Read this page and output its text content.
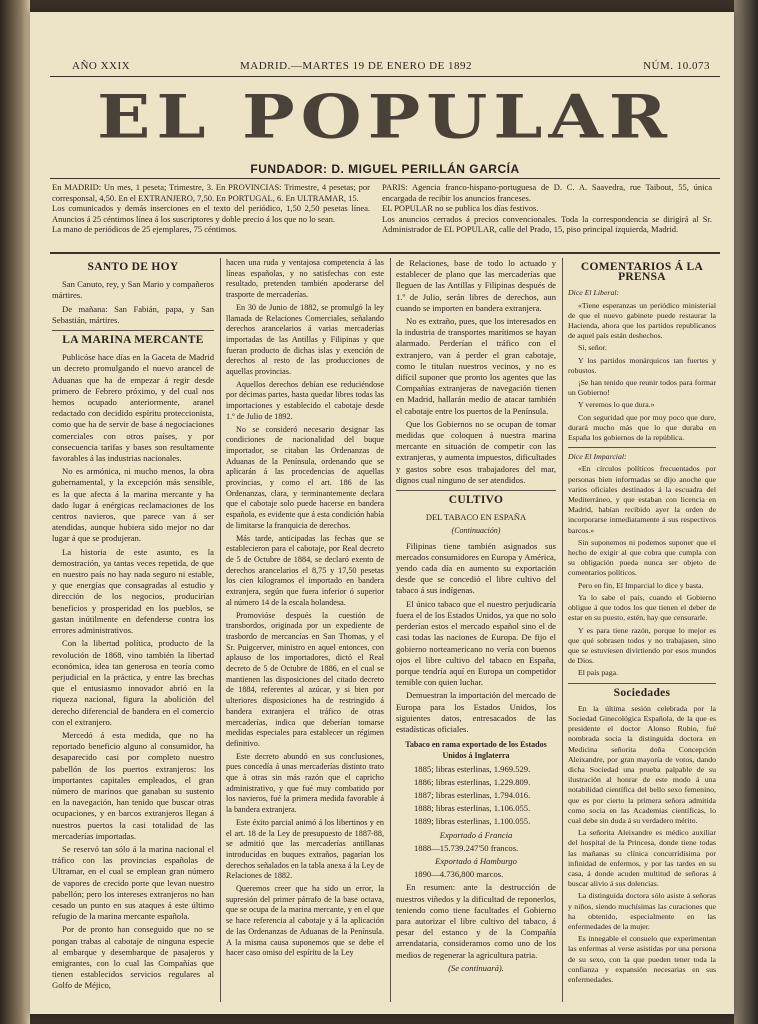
AÑO XXIX	MADRID.—MARTES 19 DE ENERO DE 1892	NÚM. 10.073
EL POPULAR
FUNDADOR: D. MIGUEL PERILLÁN GARCÍA

En MADRID: Un mes, 1 peseta; Trimestre, 3. En PROVINCIAS: Trimestre, 4 pesetas; por corresponsal, 4,50. En el EXTRANJERO, 7,50. En PORTUGAL, 6. En ULTRAMAR, 15.

Los comunicados y demás inserciones en el texto del periódico, 1,50 2,50 pesetas línea. Anuncios á 25 céntimos línea á los suscriptores y doble precio á los que no lo sean.

La mano de periódicos de 25 ejemplares, 75 céntimos.

PARIS: Agencia franco-hispano-portuguesa de D. C. A. Saavedra, rue Taibout, 55, única encargada de recibir los anuncios franceses.

EL POPULAR no se publica los días festivos.

Los anuncios cerrados á precios convencionales. Toda la correspondencia se dirigirá al Sr. Administrador de EL POPULAR, calle del Prado, 15, piso principal izquierda, Madrid.

SANTO DE HOY

San Canuto, rey, y San Mario y compañeros mártires.

De mañana: San Fabián, papa, y San Sebastián, mártires.

LA MARINA MERCANTE

Publicóse hace días en la Gaceta de Madrid un decreto promulgando el nuevo arancel de Aduanas que ha de empezar á regir desde primero de Febrero próximo, y del cual nos hemos ocupado anteriormente, aranel redactado con decidido espíritu proteccionista, como que ha de servir de base á negociaciones comerciales con otros países, y por consecuencia tarifas y bases son resultamente favorables á las industrias nacionales.

No es armónica, ni mucho menos, la obra gubernamental, y la excepción más sensible, es la que afecta á la marina mercante y ha dado lugar á enérgicas reclamaciones de los centros navieros, que parece van á ser atendidas, aunque hubiera sido mejor no dar lugar á que se produjeran.

La historia de este asunto, es la demostración, ya tantas veces repetida, de que en nuestro país no hay nada seguro ni estable, y que energías que consagradas al estudio y dirección de los negocios, producirían beneficios y prosperidad en los pueblos, se gastan inútilmente en defenderse contra los errores administrativos.

Con la libertad política, producto de la revolución de 1868, vino también la libertad económica, idea tan generosa en teoría como perjudicial en la práctica, y entre las brechas que el entusiasmo innovador abrió en la riqueza nacional, figura la abolición del derecho diferencial de bandera en el comercio con el extranjero.

Mercedó á esta medida, que no ha reportado beneficio alguno al consumidor, ha desaparecido casi por completo nuestro pabellón de los puertos extranjeros: los importantes capitales empleados, el gran número de marinos que ganaban su sustento en la navegación, han tenido que buscar otras ocupaciones, y en barcos extranjeros llegan á nuestros puertos la casi totalidad de las mercaderías importadas.

Se reservó tan sólo á la marina nacional el tráfico con las provincias españolas de Ultramar, en el cual se emplean gran número de vapores de crecido porte que levan nuestro pabellón; pero los intereses extranjeros no han cesado un punto en sus ataques á este último refugio de la marina mercante española.

Por de pronto han conseguido que no se pongan trabas al cabotaje de ninguna especie al embarque y desembarque de pasajeros y emigrantes, con lo cual las Compañías que tienen establecidos servicios regulares al Golfo de Méjico,

hacen una ruda y ventajosa competencia á las líneas españolas, y no satisfechas con este resultado, pretenden también apoderarse del trasporte de mercaderías.

En 30 de Junio de 1882, se promulgó la ley llamada de Relaciones Comerciales, señalando derechos arancelarios á varias mercaderías importadas de las Antillas y Filipinas y que fueran producto de dichas islas y exención de derechos al resto de las producciones de aquellas provincias.

Aquellos derechos debían ese reduciéndose por décimas partes, hasta quedar libres todas las importaciones y establecido el cabotaje desde 1.º de Julio de 1892.

No se consideró necesario designar las condiciones de nacionalidad del buque importador, se citaban las Ordenanzas de Aduanas de la Península, ordenando que se aplicarán á las procedencias de aquellas provincias, y como el art. 186 de las Ordenanzas, clara, y terminantemente declara que el cabotaje solo puede hacerse en bandera española, es evidente que á esta condición había de limitarse la franquicia de derechos.

Más tarde, anticipadas las fechas que se establecieron para el cabotaje, por Real decreto de 5 de Octubre de 1884, se declaró exento de derechos arancelarios el 8,75 y 17,50 pesetas los cien kilogramos el importado en bandera extranjera, según que fuera inferior ó superior al número 14 de la escala holandesa.

Promovióse después la cuestión de transbordos, originada por un expediente de trasbordo de mercancías en San Thomas, y el Sr. Puigcerver, ministro en aquel entonces, con aplauso de los importadores, dictó el Real decreto de 5 de Octubre de 1886, en el cual se mantienen las disposiciones del citado decreto de 1884, referentes al azúcar, y si bien por ulteriores disposiciones ha de restringido á bandera extranjera el tráfico de otras mercaderías, indica que deberían tomarse medidas especiales para establecer un régimen definitivo.

Este decreto abundó en sus conclusiones, pues concedía á unas mercaderías distinto trato que á otras sin más razón que el capricho administrativo, y que fué muy combatido por los navieros, fué la primera medida favorable á la bandera extranjera.

Este éxito parcial animó á los libertinos y en el art. 18 de la Ley de presupuesto de 1887-88, se admitió que las mercaderías antillanas introducidas en buques extraños, pagarían los derechos señalados en la tabla anexa á la Ley de Relaciones de 1882.

Queremos creer que ha sido un error, la supresión del primer párrafo de la base octava, que se ocupa de la marina mercante, y en el que se hace referencia al cabotaje y á la aplicación de las Ordenanzas de Aduanas de la Península. A la misma causa suponemos que se debe el hacer caso omiso del espíritu de la Ley

de Relaciones, base de todo lo actuado y establecer de plano que las mercaderías que lleguen de las Antillas y Filipinas después de 1.º de Julio, serán libres de derechos, aun cuando se importen en bandera extranjera.

No es extraño, pues, que los interesados en la industria de transportes marítimos se hayan alarmado. Perderían el tráfico con el extranjero, van á perder el gran cabotaje, como le titulan nuestros vecinos, y no es difícil suponer que pronto los agentes que las Compañías extranjeras de navegación tienen en Madrid, hallarán medio de atacar también el cabotaje entre los puertos de la Península.

Que los Gobiernos no se ocupan de tomar medidas que coloquen á nuestra marina mercante en situación de competir con las extranjeras, y aumenta impuestos, dificultades y gastos sobre esos trabajadores del mar, dignos cual ninguno de ser atendidos.

CULTIVO

DEL TABACO EN ESPAÑA

(Continuación)

Filipinas tiene también asignados sus mercados consumidores en Europa y América, yendo cada día en aumento su exportación desde que se concedió el libre cultivo del tabaco á sus indígenas.

El único tabaco que el nuestro perjudicaría fuera el de los Estados Unidos, ya que no solo perderían estos el mercado español sino el de casi todas las naciones de Europa. De fijo el gobierno norteamericano no vería con buenos ojos el libre cultivo del tabaco en España, porque tendría aquí en Europa un competidor temible con quien luchar.

Demuestran la importación del mercado de Europa para los Estados Unidos, los siguientes datos, entresacados de las estadísticas oficiales.

Tabaco en rama exportado de los Estados Unidos á Inglaterra

1885; libras esterlinas, 1.969.529.

1886; libras esterlinas, 1.229.809.

1887; libras esterlinas, 1.794.016.

1888; libras esterlinas, 1.106.055.

1889; libras esterlinas, 1.100.055.

Exportado á Francia

1888—15.739.247'50 francos.

Exportado á Hamburgo

1890—4.736,800 marcos.

En resumen: ante la destrucción de nuestros viñedos y la dificultad de reponerlos, teniendo como tiene facultades el Gobierno para autorizar el libre cultivo del tabaco, á pesar del estanco y de la Compañía arrendataria, consideramos como uno de los medios de regenerar la agricultura patria.

(Se continuará).

COMENTARIOS Á LA PRENSA

Dice El Liberal:

«Tiene esperanzas un periódico ministerial de que el nuevo gabinete puede restaurar la Hacienda, ahora que los partidos republicanos de aquel país están deshechos.

Si, señor.

Y los partidos monárquicos tan fuertes y robustos.

¡Se han tenido que reunir todos para formar un Gobierno!

Y veremos lo que dura.»

Con seguridad que por muy poco que dure, durará mucho más que lo que duraba en España los gobiernos de la república.

Dice El Imparcial:

«En círculos políticos frecuentados por personas bien informadas se dijo anoche que varios oficiales destinados á la escuadra del Mediterráneo, y que estaban con licencia en Madrid, habían recibido ayer la orden de incorporarse inmediatamente á sus respectivos barcos.»

Sin suponemos ni podemos suponer que el hecho de exigir al que cobra que cumpla con su obligación pueda nunca ser objeto de comentarios políticos.

Pero en fin, El Imparcial lo dice y basta.

Ya lo sabe el país, cuando el Gobierno obligue á que todos los que tienen el deber de estar en su puesto, estén, hay que censurarle.

Y es para tiene razón, porque lo mejor es que qué sobrasen todos y no trabajasen, sino que se estuviesen divirtiendo por esos mundos de Dios.

El país paga.

Sociedades

En la última sesión celebrada por la Sociedad Ginecológica Española, de la que es presidente el doctor Alonso Rubio, fué nombrada socia la distinguida doctora en Medicina señorita doña Concepción Aleixandre, por gran mayoría de votos, dando dicha Sociedad una prueba palpable de su ilustración al honrar de este modo á una notabilidad científica del bello sexo femenino, que es por cierto la primera señora admitida como socia en las Academias científicas, lo cual debe sin duda á su verdadero mérito.

La señorita Aleixandre es médico auxiliar del hospital de la Princesa, donde tiene todas las mañanas su clínica concurridísima por infinidad de enfermos, y por las tardes en su casa, á donde acuden multitud de señoras á buscar alivio á sus dolencias.

La distinguida doctora sólo asiste á señoras y niños, siendo muchísimas las curaciones que ha obtenido, especialmente en las enfermedades de la mujer.

Es innegable el consuelo que experimentan las enfermas al verse asistidas por una persona de su sexo, con la que pueden tener toda la confianza y expansión necesarias en sus enfermedades.
